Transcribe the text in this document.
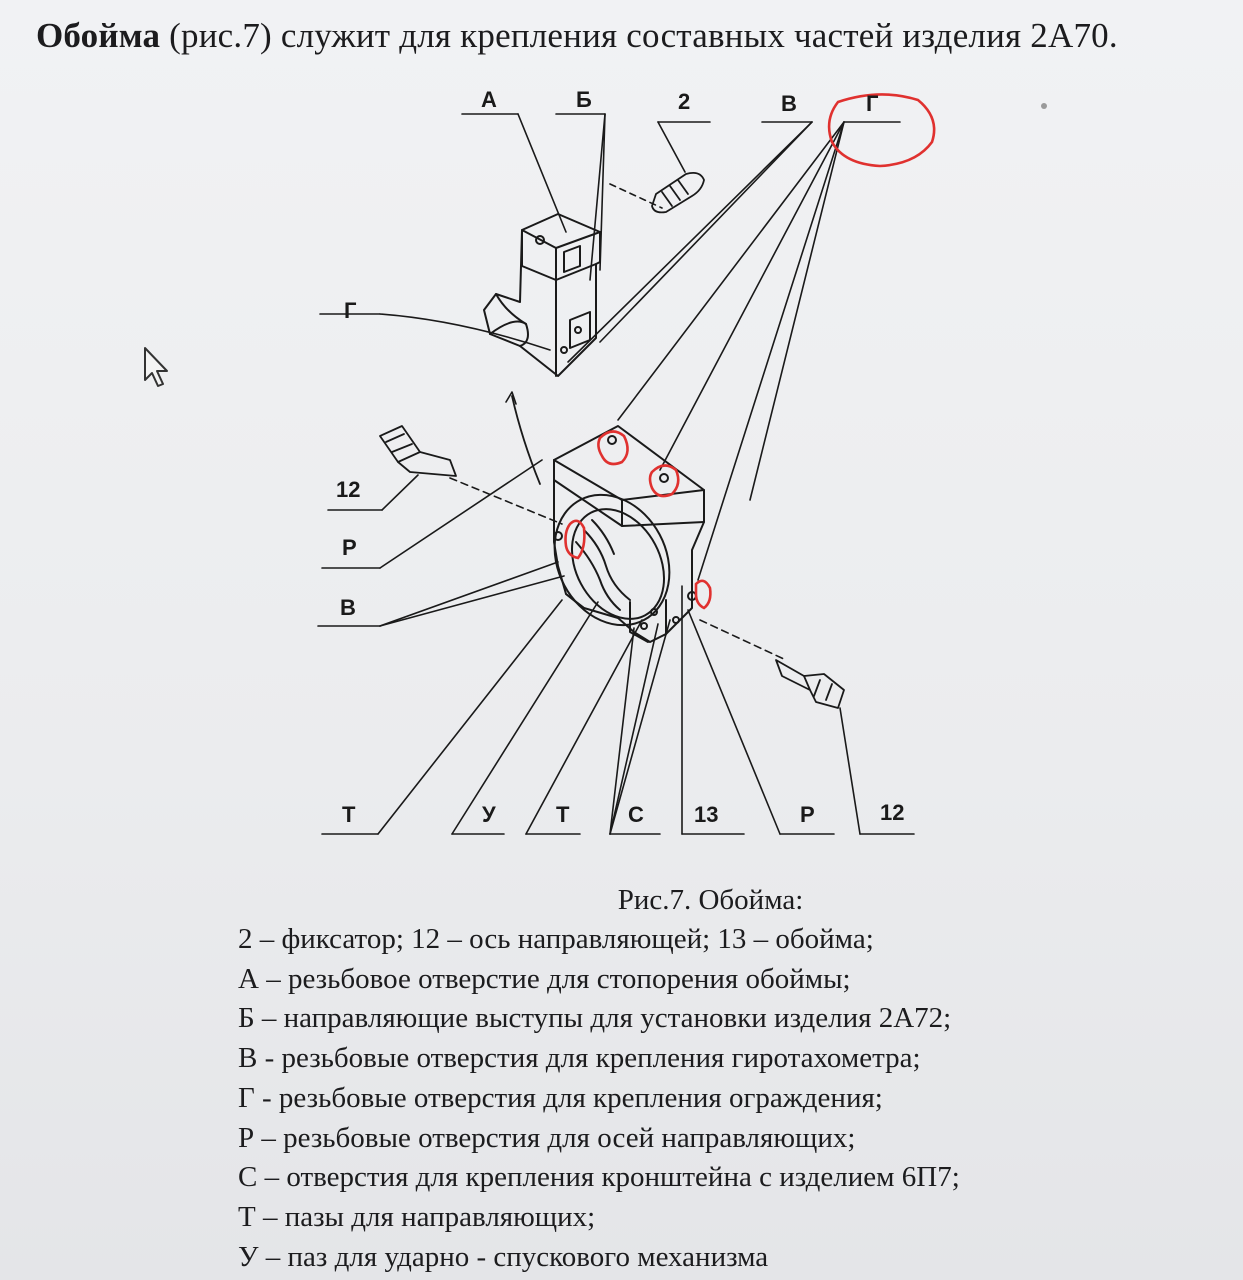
Обойма (рис.7) служит для крепления составных частей изделия 2А70.
А	Б	2	В	Г
Г
12
Р
В
Т	У	Т	С 13	Р	12
Рис.7. Обойма:
2 – фиксатор; 12 – ось направляющей; 13 – обойма;
А – резьбовое отверстие для стопорения обоймы;
Б – направляющие выступы для установки изделия 2А72;
В - резьбовые отверстия для крепления гиротахометра;
Г - резьбовые отверстия для крепления ограждения;
Р – резьбовые отверстия для осей направляющих;
С – отверстия для крепления кронштейна с изделием 6П7;
Т – пазы для направляющих;
У – паз для ударно - спускового механизма
